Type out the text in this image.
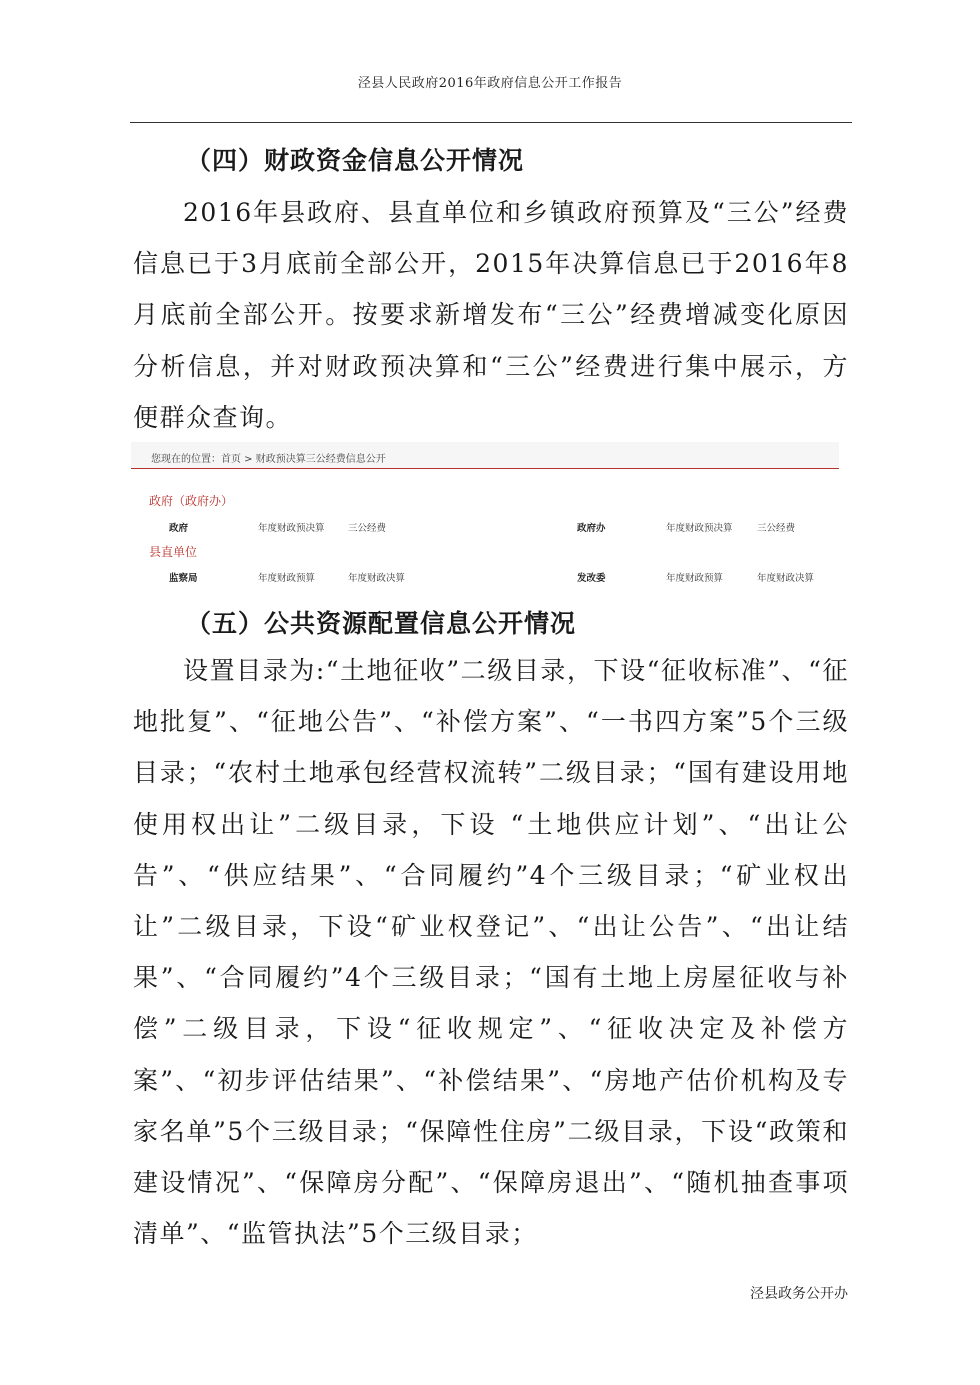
泾县人民政府2016年政府信息公开工作报告
（四）财政资金信息公开情况

2016年县政府、县直单位和乡镇政府预算及“三公”经费信息已于3月底前全部公开，2015年决算信息已于2016年8月底前全部公开。按要求新增发布“三公”经费增减变化原因分析信息，并对财政预决算和“三公”经费进行集中展示，方便群众查询。

您现在的位置：首页 > 财政预决算三公经费信息公开
政府（政府办）
政府	年度财政预决算 三公经费	政府办	年度财政预决算	三公经费
县直单位
监察局	年度财政预算	年度财政决算	发改委	年度财政预算	年度财政决算
（五）公共资源配置信息公开情况

设置目录为:“土地征收”二级目录，下设“征收标准”、“征地批复”、“征地公告”、“补偿方案”、“一书四方案”5个三级目录；“农村土地承包经营权流转”二级目录；“国有建设用地使用权出让”二级目录，下设 “土地供应计划”、“出让公告”、“供应结果”、“合同履约”4个三级目录；“矿业权出让”二级目录，下设“矿业权登记”、“出让公告”、“出让结果”、“合同履约”4个三级目录；“国有土地上房屋征收与补偿”二级目录，下设“征收规定”、“征收决定及补偿方案”、“初步评估结果”、“补偿结果”、“房地产估价机构及专家名单”5个三级目录；“保障性住房”二级目录，下设“政策和建设情况”、“保障房分配”、“保障房退出”、“随机抽查事项清单”、“监管执法”5个三级目录；

泾县政务公开办
